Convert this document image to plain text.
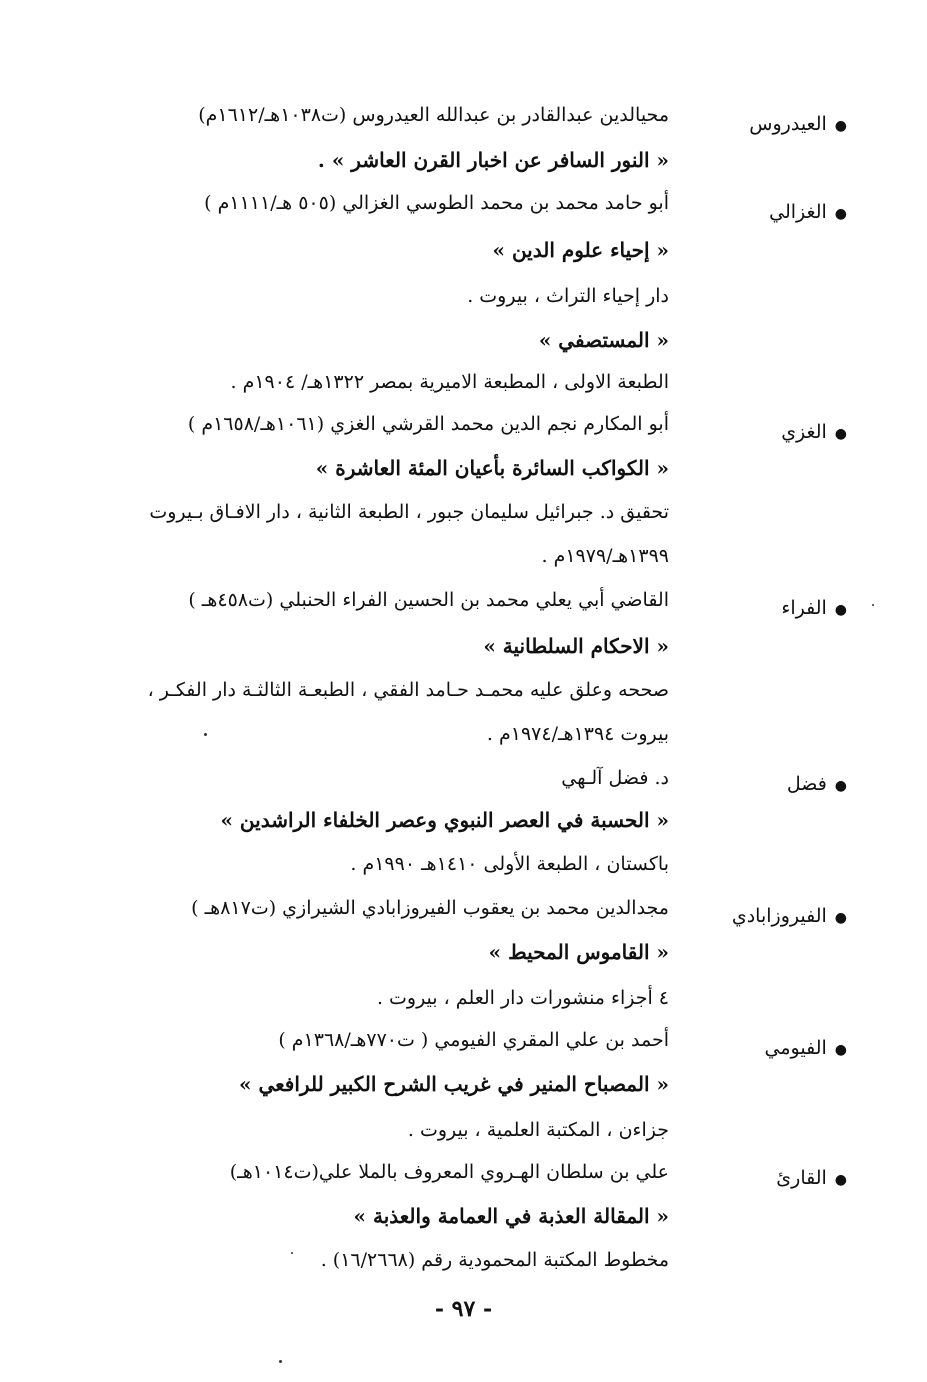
●العيدروس
محيالدين عبدالقادر بن عبدالله العيدروس (ت١٠٣٨هـ/١٦١٢م)
« النور السافر عن اخبار القرن العاشر » .
●الغزالي
أبو حامد محمد بن محمد الطوسي الغزالي (٥٠٥ هـ/١١١١م )
« إحياء علوم الدين »
دار إحياء التراث ، بيروت .
« المستصفي »
الطبعة الاولى ، المطبعة الاميرية بمصر ١٣٢٢هـ/ ١٩٠٤م .
●الغزي
أبو المكارم نجم الدين محمد القرشي الغزي (١٠٦١هـ/١٦٥٨م )
« الكواكب السائرة بأعيان المئة العاشرة »
تحقيق د. جبرائيل سليمان جبور ، الطبعة الثانية ، دار الافـاق بـيروت
١٣٩٩هـ/١٩٧٩م .
●الفراء
القاضي أبي يعلي محمد بن الحسين الفراء الحنبلي (ت٤٥٨هـ )
« الاحكام السلطانية »
صححه وعلق عليه محمـد حـامد الفقي ، الطبعـة الثالثـة دار الفكـر ،
بيروت ١٣٩٤هـ/١٩٧٤م .
●فضل
د. فضل آلـهي
« الحسبة في العصر النبوي وعصر الخلفاء الراشدين »
باكستان ، الطبعة الأولى ١٤١٠هـ ١٩٩٠م .
●الفيروزابادي
مجدالدين محمد بن يعقوب الفيروزابادي الشيرازي (ت٨١٧هـ )
« القاموس المحيط »
٤ أجزاء منشورات دار العلم ، بيروت .
●الفيومي
أحمد بن علي المقري الفيومي ( ت٧٧٠هـ/١٣٦٨م )
« المصباح المنير في غريب الشرح الكبير للرافعي »
جزاءن ، المكتبة العلمية ، بيروت .
●القارئ
علي بن سلطان الهـروي المعروف بالملا علي(ت١٠١٤هـ)
« المقالة العذبة في العمامة والعذبة »
مخطوط المكتبة المحمودية رقم (١٦/٢٦٦٨) .
- ٩٧ -
